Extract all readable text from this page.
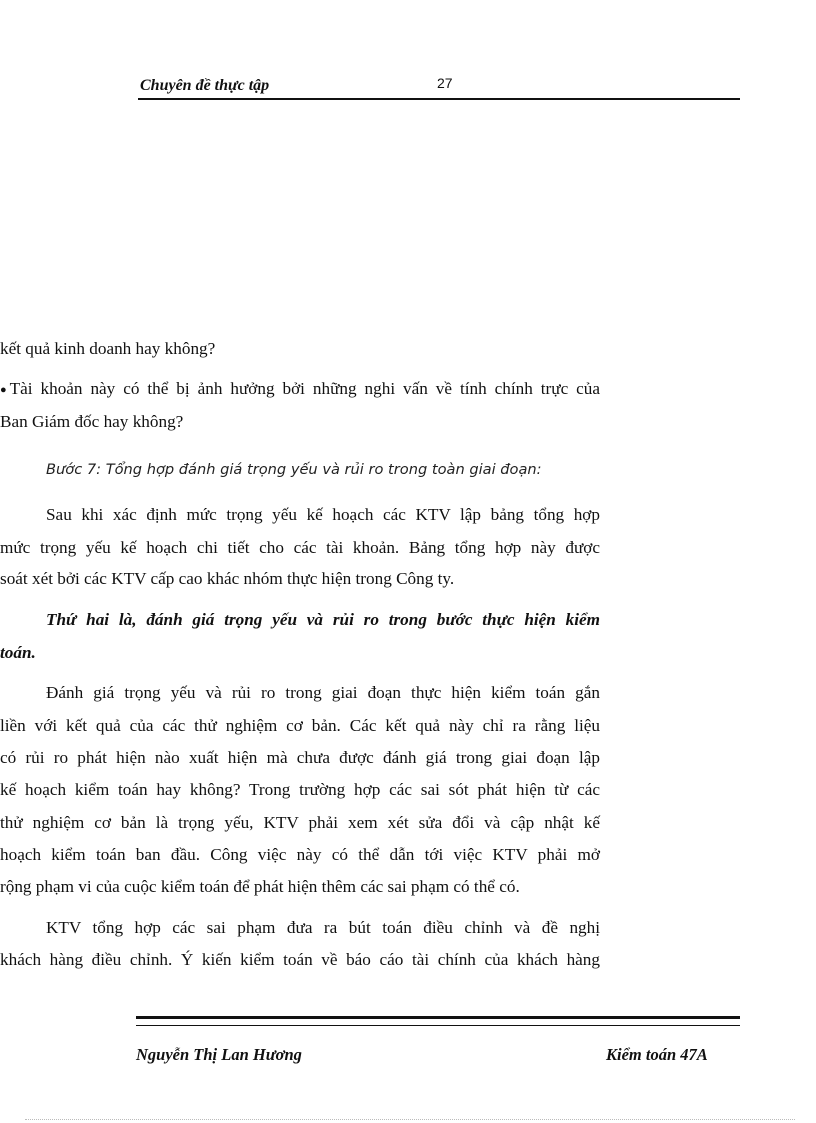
Chuyên đề thực tập	27
kết quả kinh doanh hay không?
● Tài khoản này có thể bị ảnh hưởng bởi những nghi vấn về tính chính trực của
Ban Giám đốc hay không?
Bước 7: Tổng hợp đánh giá trọng yếu và rủi ro trong toàn giai đoạn:
Sau khi xác định mức trọng yếu kế hoạch các KTV lập bảng tổng hợp
mức trọng yếu kế hoạch chi tiết cho các tài khoản. Bảng tổng hợp này được
soát xét bởi các KTV cấp cao khác nhóm thực hiện trong Công ty.
Thứ hai là, đánh giá trọng yếu và rủi ro trong bước thực hiện kiểm
toán.
Đánh giá trọng yếu và rủi ro trong giai đoạn thực hiện kiểm toán gắn
liền với kết quả của các thử nghiệm cơ bản. Các kết quả này chỉ ra rằng liệu
có rủi ro phát hiện nào xuất hiện mà chưa được đánh giá trong giai đoạn lập
kế hoạch kiểm toán hay không? Trong trường hợp các sai sót phát hiện từ các
thử nghiệm cơ bản là trọng yếu, KTV phải xem xét sửa đổi và cập nhật kế
hoạch kiểm toán ban đầu. Công việc này có thể dẫn tới việc KTV phải mở
rộng phạm vi của cuộc kiểm toán để phát hiện thêm các sai phạm có thể có.
KTV tổng hợp các sai phạm đưa ra bút toán điều chỉnh và đề nghị
khách hàng điều chỉnh. Ý kiến kiểm toán về báo cáo tài chính của khách hàng
Nguyễn Thị Lan Hương	Kiểm toán 47A
